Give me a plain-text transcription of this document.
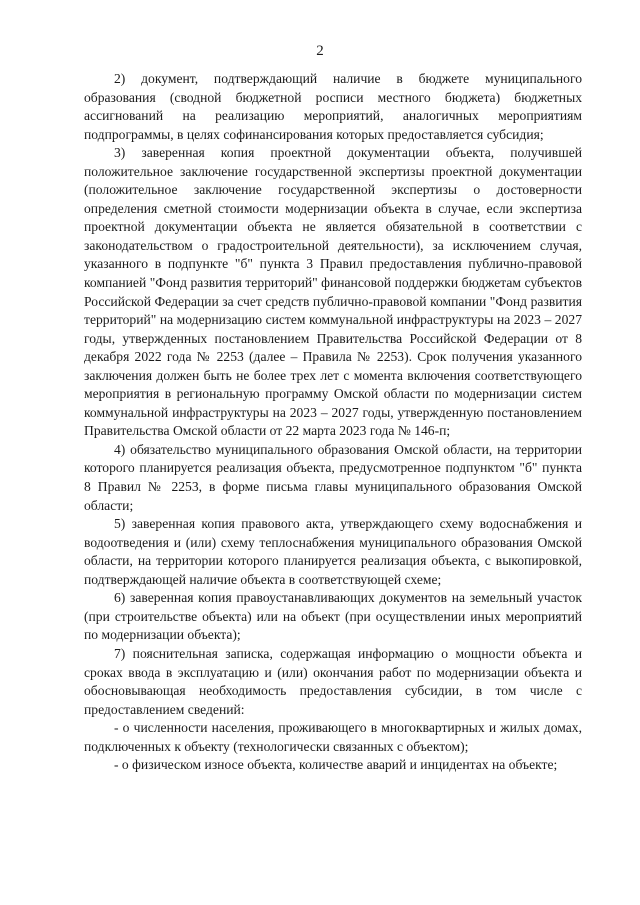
2

2) документ, подтверждающий наличие в бюджете муниципального образования (сводной бюджетной росписи местного бюджета) бюджетных ассигнований на реализацию мероприятий, аналогичных мероприятиям подпрограммы, в целях софинансирования которых предоставляется субсидия;

3) заверенная копия проектной документации объекта, получившей положительное заключение государственной экспертизы проектной документации (положительное заключение государственной экспертизы о достоверности определения сметной стоимости модернизации объекта в случае, если экспертиза проектной документации объекта не является обязательной в соответствии с законодательством о градостроительной деятельности), за исключением случая, указанного в подпункте "б" пункта 3 Правил предоставления публично-правовой компанией "Фонд развития территорий" финансовой поддержки бюджетам субъектов Российской Федерации за счет средств публично-правовой компании "Фонд развития территорий" на модернизацию систем коммунальной инфраструктуры на 2023 – 2027 годы, утвержденных постановлением Правительства Российской Федерации от 8 декабря 2022 года № 2253 (далее – Правила № 2253). Срок получения указанного заключения должен быть не более трех лет с момента включения соответствующего мероприятия в региональную программу Омской области по модернизации систем коммунальной инфраструктуры на 2023 – 2027 годы, утвержденную постановлением Правительства Омской области от 22 марта 2023 года № 146-п;

4) обязательство муниципального образования Омской области, на территории которого планируется реализация объекта, предусмотренное подпунктом "б" пункта 8 Правил № 2253, в форме письма главы муниципального образования Омской области;

5) заверенная копия правового акта, утверждающего схему водоснабжения и водоотведения и (или) схему теплоснабжения муниципального образования Омской области, на территории которого планируется реализация объекта, с выкопировкой, подтверждающей наличие объекта в соответствующей схеме;

6) заверенная копия правоустанавливающих документов на земельный участок (при строительстве объекта) или на объект (при осуществлении иных мероприятий по модернизации объекта);

7) пояснительная записка, содержащая информацию о мощности объекта и сроках ввода в эксплуатацию и (или) окончания работ по модернизации объекта и обосновывающая необходимость предоставления субсидии, в том числе с предоставлением сведений:

- о численности населения, проживающего в многоквартирных и жилых домах, подключенных к объекту (технологически связанных с объектом);

- о физическом износе объекта, количестве аварий и инцидентах на объекте;
